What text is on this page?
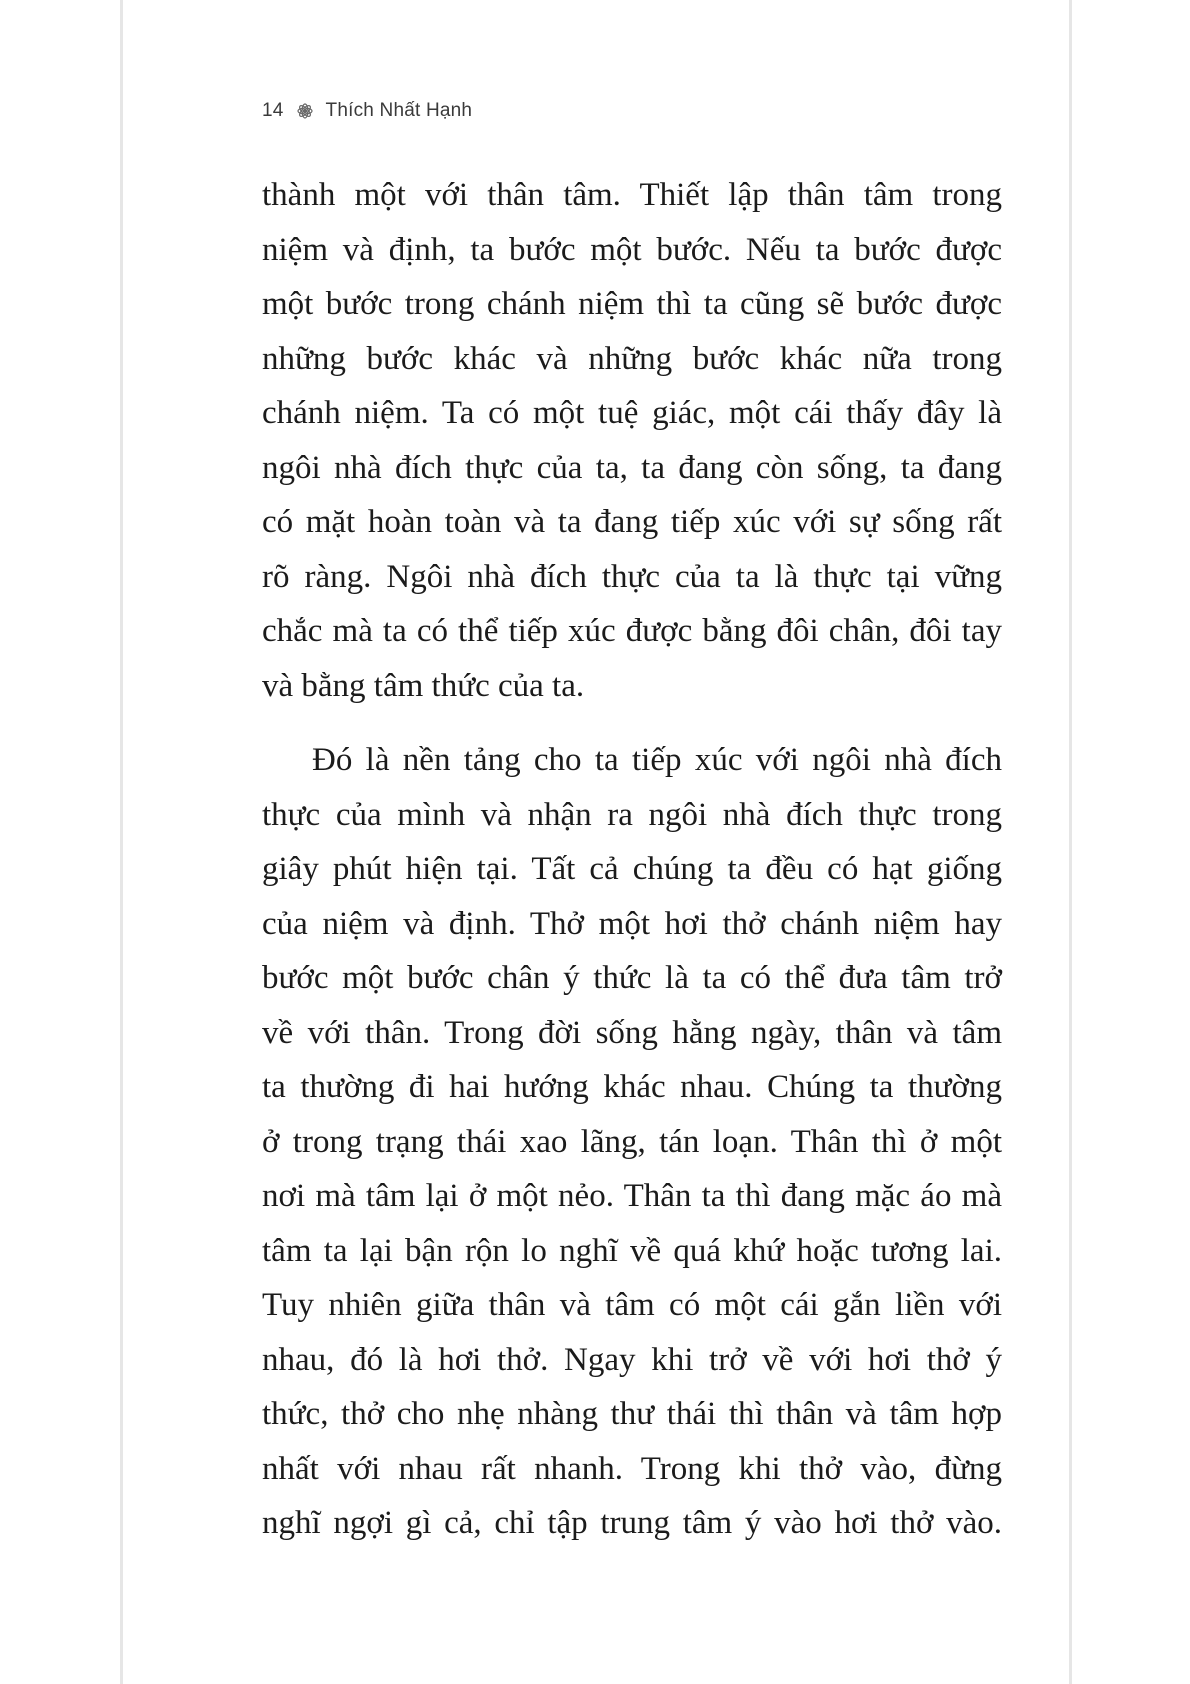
14 Thích Nhất Hạnh

thành một với thân tâm. Thiết lập thân tâm trong
niệm và định, ta bước một bước. Nếu ta bước được
một bước trong chánh niệm thì ta cũng sẽ bước được
những bước khác và những bước khác nữa trong
chánh niệm. Ta có một tuệ giác, một cái thấy đây là
ngôi nhà đích thực của ta, ta đang còn sống, ta đang
có mặt hoàn toàn và ta đang tiếp xúc với sự sống rất
rõ ràng. Ngôi nhà đích thực của ta là thực tại vững
chắc mà ta có thể tiếp xúc được bằng đôi chân, đôi tay
và bằng tâm thức của ta.

Đó là nền tảng cho ta tiếp xúc với ngôi nhà đích
thực của mình và nhận ra ngôi nhà đích thực trong
giây phút hiện tại. Tất cả chúng ta đều có hạt giống
của niệm và định. Thở một hơi thở chánh niệm hay
bước một bước chân ý thức là ta có thể đưa tâm trở
về với thân. Trong đời sống hằng ngày, thân và tâm
ta thường đi hai hướng khác nhau. Chúng ta thường
ở trong trạng thái xao lãng, tán loạn. Thân thì ở một
nơi mà tâm lại ở một nẻo. Thân ta thì đang mặc áo mà
tâm ta lại bận rộn lo nghĩ về quá khứ hoặc tương lai.
Tuy nhiên giữa thân và tâm có một cái gắn liền với
nhau, đó là hơi thở. Ngay khi trở về với hơi thở ý
thức, thở cho nhẹ nhàng thư thái thì thân và tâm hợp
nhất với nhau rất nhanh. Trong khi thở vào, đừng
nghĩ ngợi gì cả, chỉ tập trung tâm ý vào hơi thở vào.
